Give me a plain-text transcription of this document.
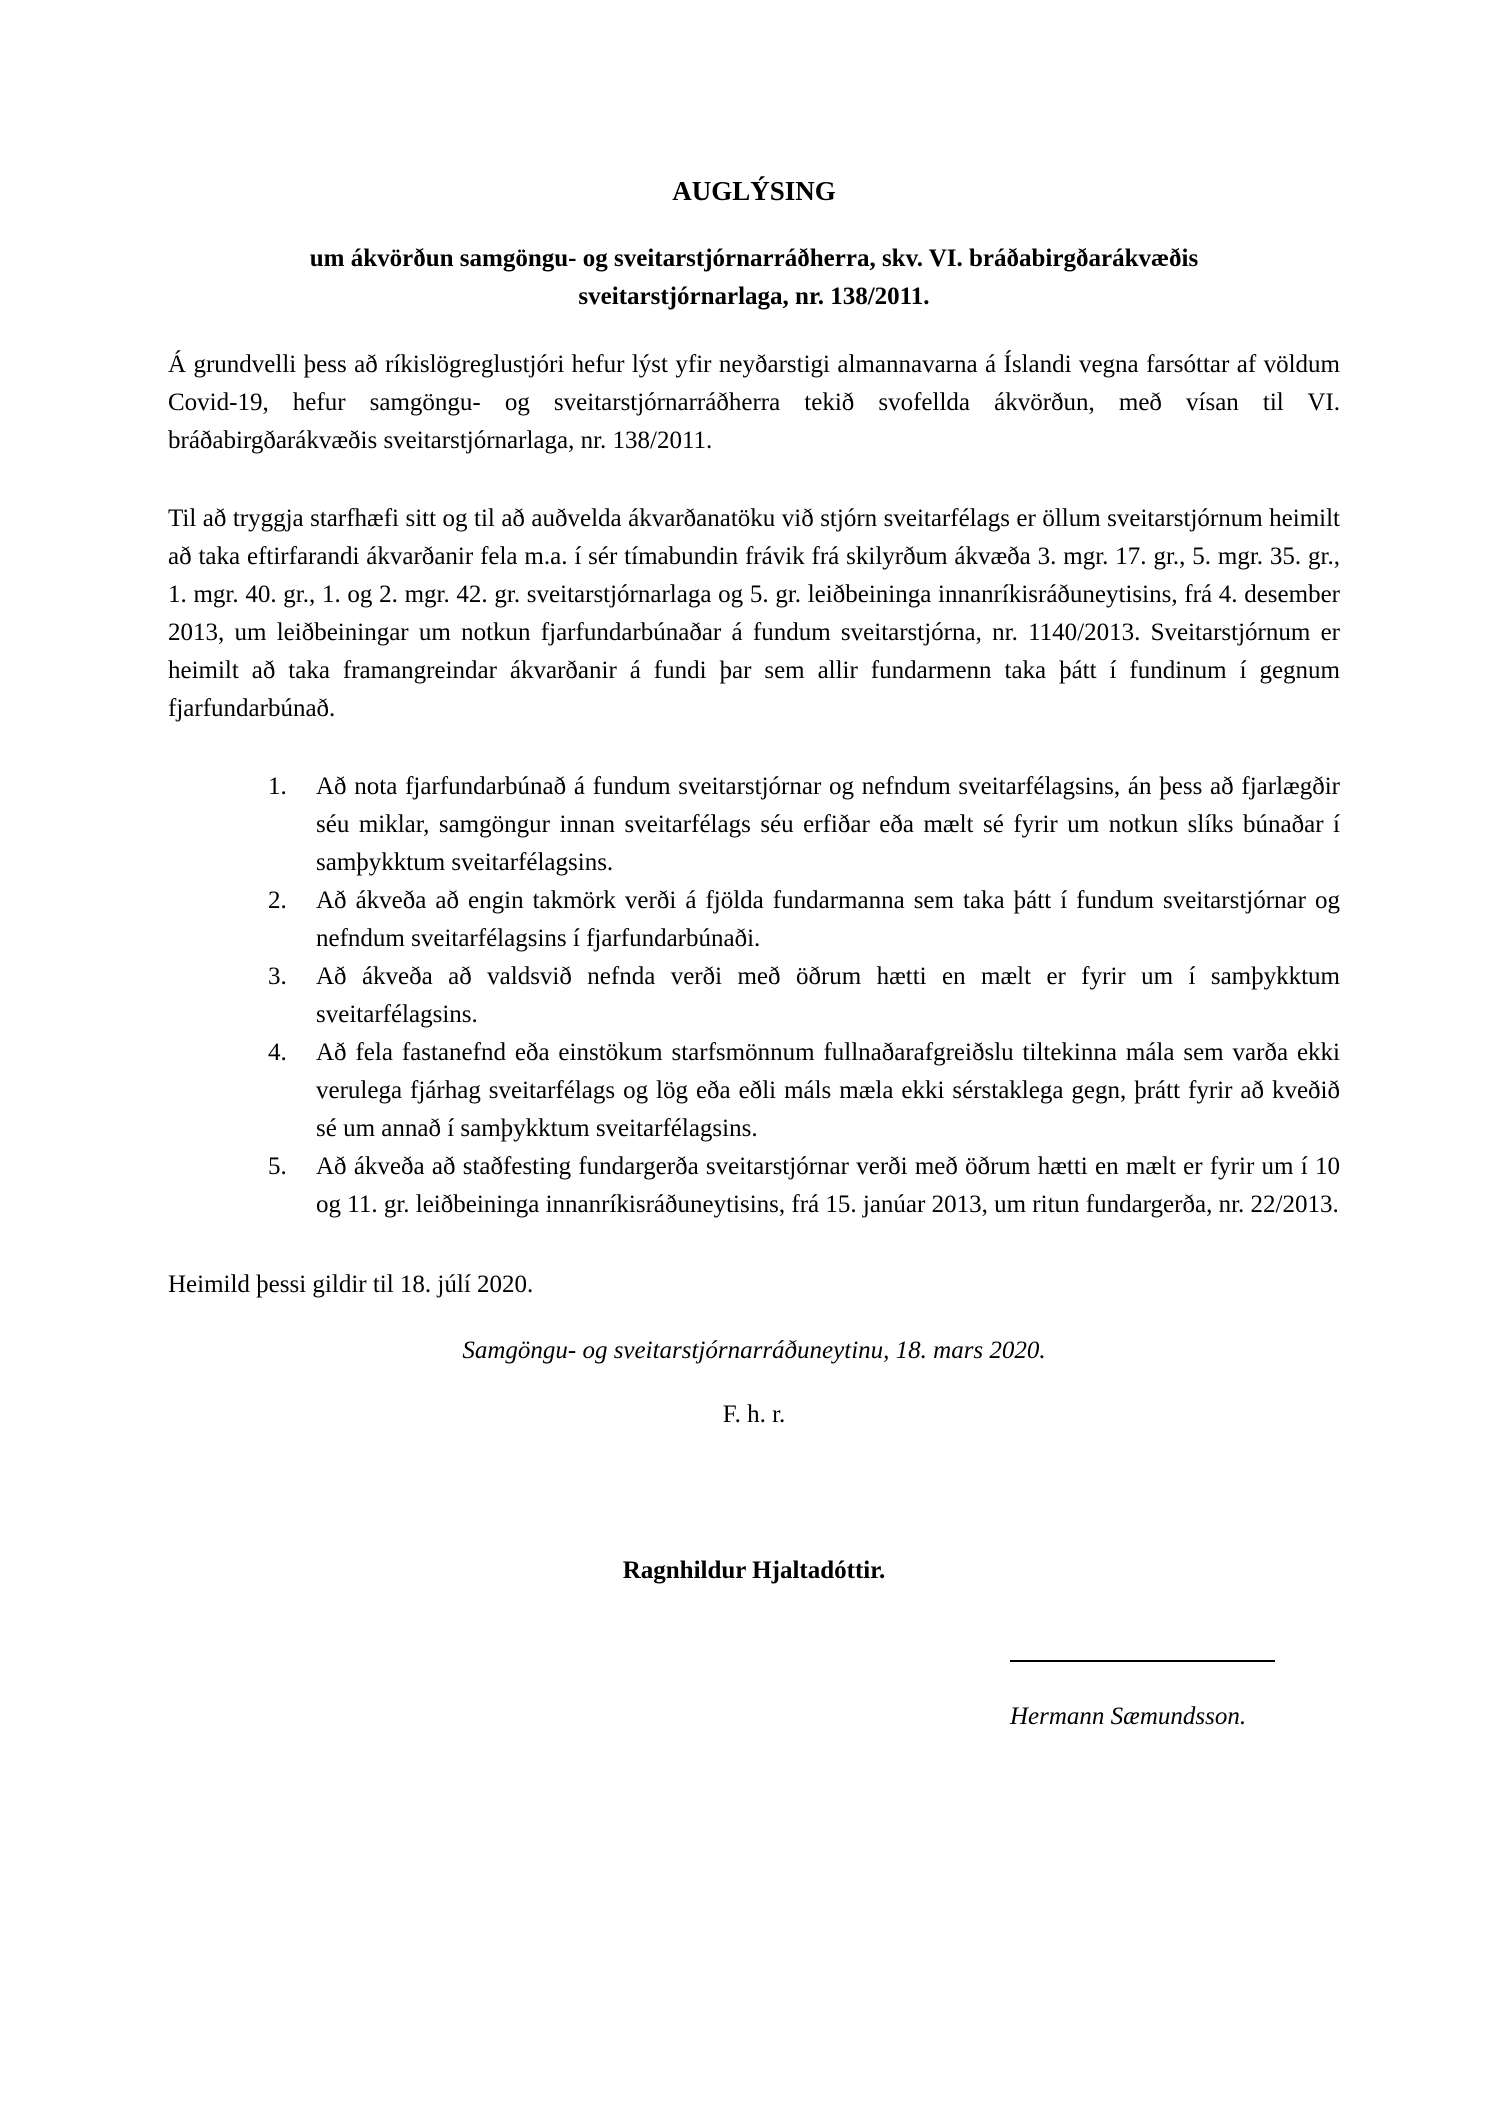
AUGLÝSING
um ákvörðun samgöngu- og sveitarstjórnarráðherra, skv. VI. bráðabirgðarákvæðis sveitarstjórnarlaga, nr. 138/2011.
Á grundvelli þess að ríkislögreglustjóri hefur lýst yfir neyðarstigi almannavarna á Íslandi vegna farsóttar af völdum Covid-19, hefur samgöngu- og sveitarstjórnarráðherra tekið svofellda ákvörðun, með vísan til VI. bráðabirgðarákvæðis sveitarstjórnarlaga, nr. 138/2011.
Til að tryggja starfhæfi sitt og til að auðvelda ákvarðanatöku við stjórn sveitarfélags er öllum sveitarstjórnum heimilt að taka eftirfarandi ákvarðanir fela m.a. í sér tímabundin frávik frá skilyrðum ákvæða 3. mgr. 17. gr., 5. mgr. 35. gr., 1. mgr. 40. gr., 1. og 2. mgr. 42. gr. sveitarstjórnarlaga og 5. gr. leiðbeininga innanríkisráðuneytisins, frá 4. desember 2013, um leiðbeiningar um notkun fjarfundarbúnaðar á fundum sveitarstjórna, nr. 1140/2013. Sveitarstjórnum er heimilt að taka framangreindar ákvarðanir á fundi þar sem allir fundarmenn taka þátt í fundinum í gegnum fjarfundarbúnað.
1.	Að nota fjarfundarbúnað á fundum sveitarstjórnar og nefndum sveitarfélagsins, án þess að fjarlægðir séu miklar, samgöngur innan sveitarfélags séu erfiðar eða mælt sé fyrir um notkun slíks búnaðar í samþykktum sveitarfélagsins.
2.	Að ákveða að engin takmörk verði á fjölda fundarmanna sem taka þátt í fundum sveitarstjórnar og nefndum sveitarfélagsins í fjarfundarbúnaði.
3.	Að ákveða að valdsvið nefnda verði með öðrum hætti en mælt er fyrir um í samþykktum sveitarfélagsins.
4.	Að fela fastanefnd eða einstökum starfsmönnum fullnaðarafgreiðslu tiltekinna mála sem varða ekki verulega fjárhag sveitarfélags og lög eða eðli máls mæla ekki sérstaklega gegn, þrátt fyrir að kveðið sé um annað í samþykktum sveitarfélagsins.
5.	Að ákveða að staðfesting fundargerða sveitarstjórnar verði með öðrum hætti en mælt er fyrir um í 10 og 11. gr. leiðbeininga innanríkisráðuneytisins, frá 15. janúar 2013, um ritun fundargerða, nr. 22/2013.
Heimild þessi gildir til 18. júlí 2020.
Samgöngu- og sveitarstjórnarráðuneytinu, 18. mars 2020.
F. h. r.
Ragnhildur Hjaltadóttir.
Hermann Sæmundsson.
